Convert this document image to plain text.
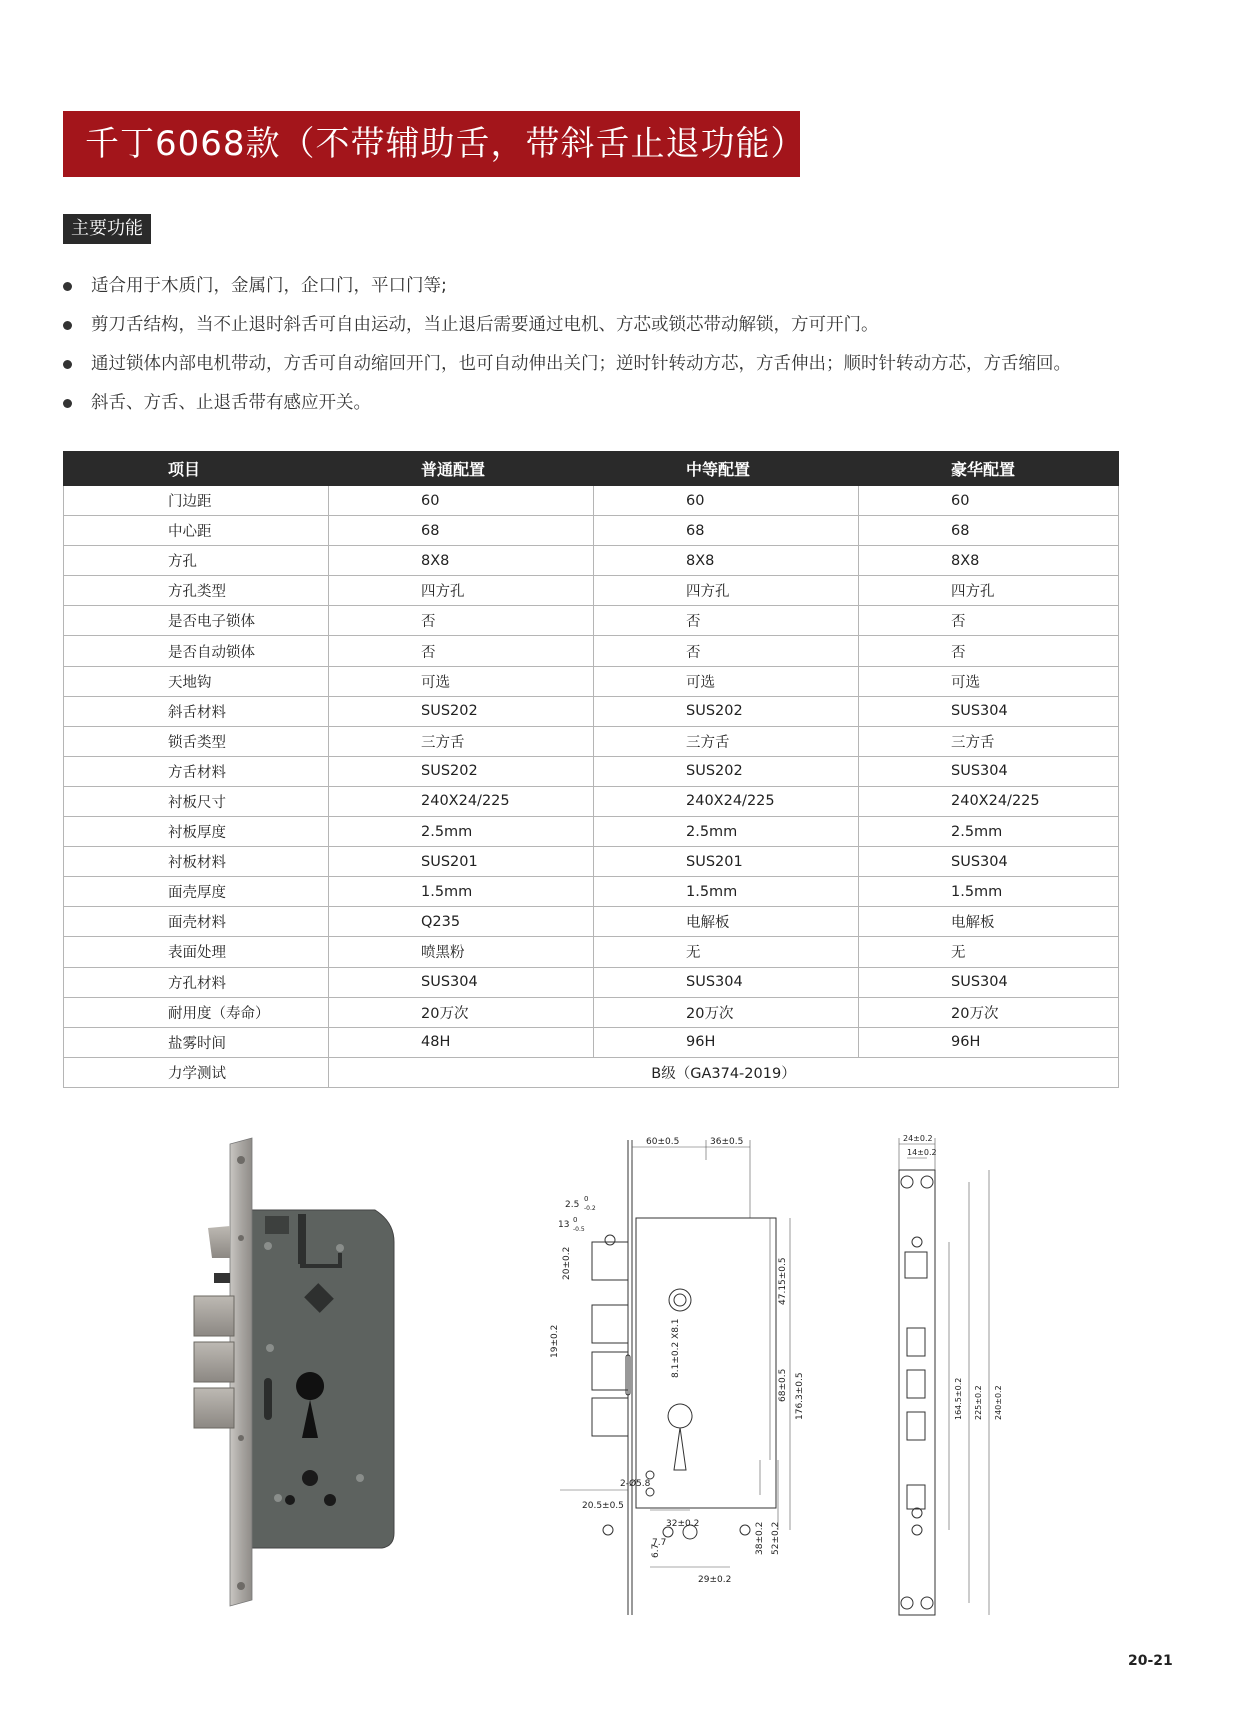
千丁6068款（不带辅助舌，带斜舌止退功能）
主要功能
适合用于木质门，金属门，企口门，平口门等;
剪刀舌结构，当不止退时斜舌可自由运动，当止退后需要通过电机、方芯或锁芯带动解锁，方可开门。
通过锁体内部电机带动，方舌可自动缩回开门，也可自动伸出关门；逆时针转动方芯，方舌伸出；顺时针转动方芯，方舌缩回。
斜舌、方舌、止退舌带有感应开关。
项目	普通配置	中等配置	豪华配置
门边距	60	60	60
中心距	68	68	68
方孔	8X8	8X8	8X8
方孔类型	四方孔	四方孔	四方孔
是否电子锁体	否	否	否
是否自动锁体	否	否	否
天地钩	可选	可选	可选
斜舌材料	SUS202	SUS202	SUS304
锁舌类型	三方舌	三方舌	三方舌
方舌材料	SUS202	SUS202	SUS304
衬板尺寸	240X24/225	240X24/225	240X24/225
衬板厚度	2.5mm	2.5mm	2.5mm
衬板材料	SUS201	SUS201	SUS304
面壳厚度	1.5mm	1.5mm	1.5mm
面壳材料	Q235	电解板	电解板
表面处理	喷黑粉	无	无
方孔材料	SUS304	SUS304	SUS304
耐用度（寿命）	20万次	20万次	20万次
盐雾时间	48H	96H	96H
力学测试	B级（GA374-2019）		
60±0.5	36±0.5
2.5
0
-0.2
13 0
-0.5
20±0.2
19±0.2	8.1±0.2 X8.1
47.15±0.5
68±0.5 176.3±0.5
2-Ø5.8
20.5±0.5
32±0.2	38±0.2 52±0.2
7.7
6.7
29±0.2
24±0.2
14±0.2
164.5±0.2 225±0.2 240±0.2
20-21
